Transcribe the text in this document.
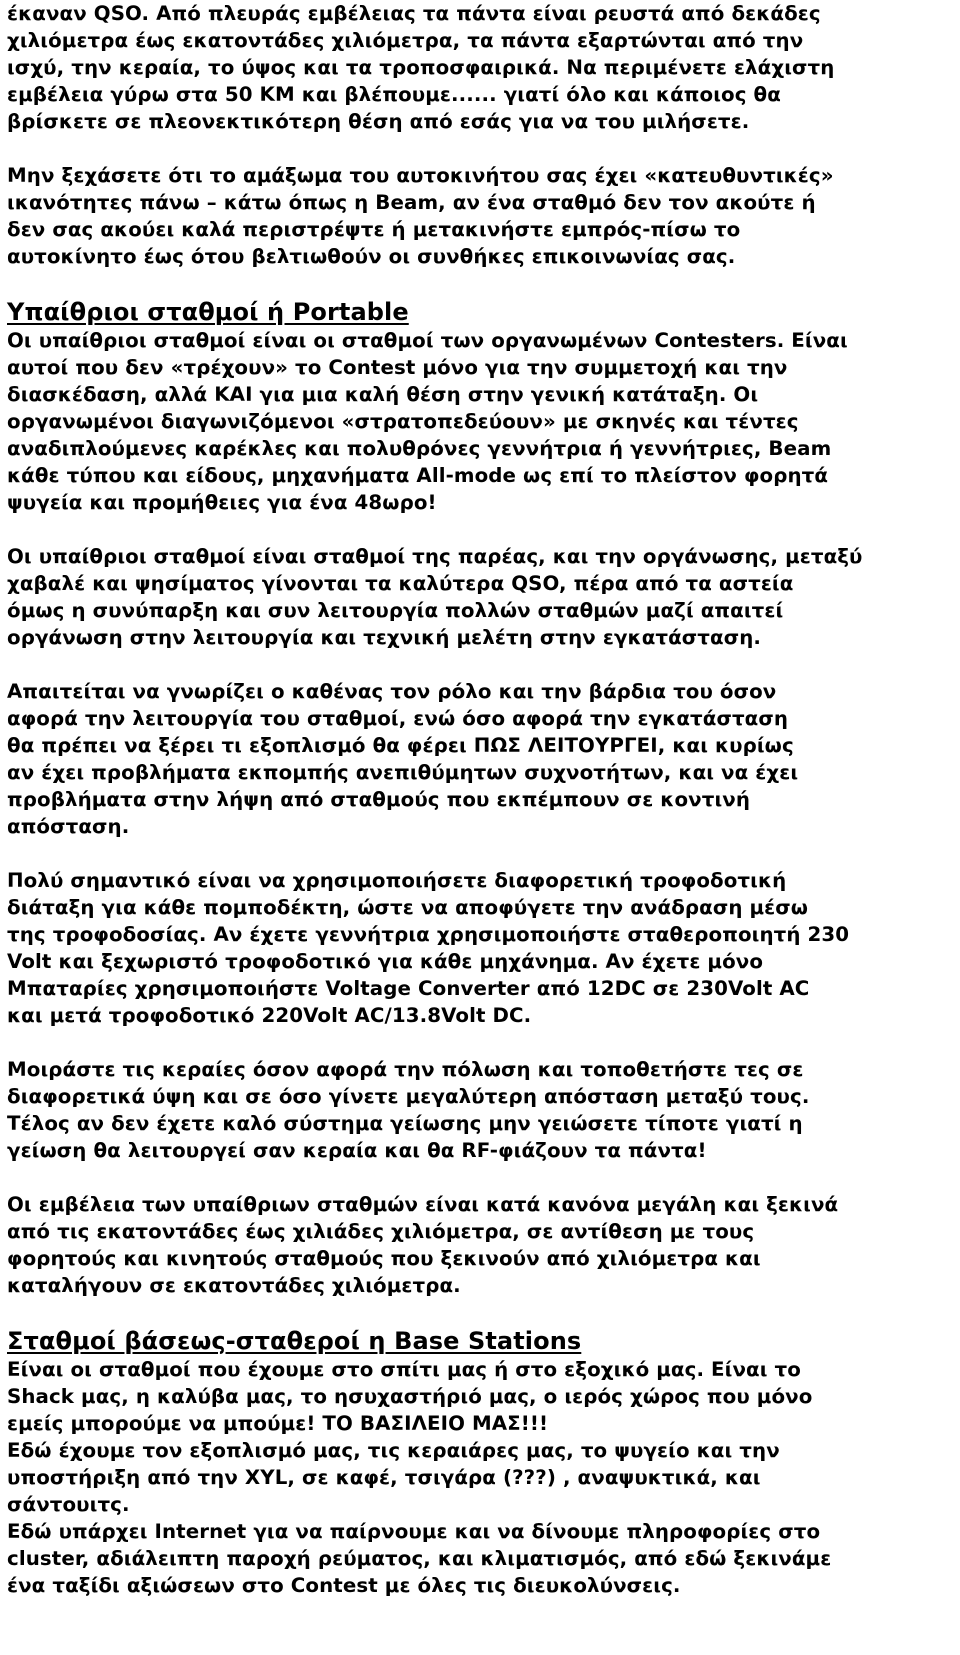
έκαναν QSO. Από πλευράς εμβέλειας τα πάντα είναι ρευστά από δεκάδες
χιλιόμετρα έως εκατοντάδες χιλιόμετρα, τα πάντα εξαρτώνται από την
ισχύ, την κεραία, το ύψος και τα τροποσφαιρικά. Να περιμένετε ελάχιστη
εμβέλεια γύρω στα 50 ΚΜ και βλέπουμε...... γιατί όλο και κάποιος θα
βρίσκετε σε πλεονεκτικότερη θέση από εσάς για να του μιλήσετε.

Μην ξεχάσετε ότι το αμάξωμα του αυτοκινήτου σας έχει «κατευθυντικές»
ικανότητες πάνω – κάτω όπως η Beam, αν ένα σταθμό δεν τον ακούτε ή
δεν σας ακούει καλά περιστρέψτε ή μετακινήστε εμπρός-πίσω το
αυτοκίνητο έως ότου βελτιωθούν οι συνθήκες επικοινωνίας σας.

Υπαίθριοι σταθμοί ή Portable

Οι υπαίθριοι σταθμοί είναι οι σταθμοί των οργανωμένων Contesters. Είναι
αυτοί που δεν «τρέχουν» το Contest μόνο για την συμμετοχή και την
διασκέδαση, αλλά ΚΑΙ για μια καλή θέση στην γενική κατάταξη. Οι
οργανωμένοι διαγωνιζόμενοι «στρατοπεδεύουν» με σκηνές και τέντες
αναδιπλούμενες καρέκλες και πολυθρόνες γεννήτρια ή γεννήτριες, Beam
κάθε τύπου και είδους, μηχανήματα All-mode ως επί το πλείστον φορητά
ψυγεία και προμήθειες για ένα 48ωρο!

Οι υπαίθριοι σταθμοί είναι σταθμοί της παρέας, και την οργάνωσης, μεταξύ
χαβαλέ και ψησίματος γίνονται τα καλύτερα QSO, πέρα από τα αστεία
όμως η συνύπαρξη και συν λειτουργία πολλών σταθμών μαζί απαιτεί
οργάνωση στην λειτουργία και τεχνική μελέτη στην εγκατάσταση.

Απαιτείται να γνωρίζει ο καθένας τον ρόλο και την βάρδια του όσον
αφορά την λειτουργία του σταθμοί, ενώ όσο αφορά την εγκατάσταση
θα πρέπει να ξέρει τι εξοπλισμό θα φέρει ΠΩΣ ΛΕΙΤΟΥΡΓΕΙ, και κυρίως
αν έχει προβλήματα εκπομπής ανεπιθύμητων συχνοτήτων, και να έχει
προβλήματα στην λήψη από σταθμούς που εκπέμπουν σε κοντινή
απόσταση.

Πολύ σημαντικό είναι να χρησιμοποιήσετε διαφορετική τροφοδοτική
διάταξη για κάθε πομποδέκτη, ώστε να αποφύγετε την ανάδραση μέσω
της τροφοδοσίας. Αν έχετε γεννήτρια χρησιμοποιήστε σταθεροποιητή 230
Volt και ξεχωριστό τροφοδοτικό για κάθε μηχάνημα. Αν έχετε μόνο
Μπαταρίες χρησιμοποιήστε Voltage Converter από 12DC σε 230Volt AC
και μετά τροφοδοτικό 220Volt AC/13.8Volt DC.

Μοιράστε τις κεραίες όσον αφορά την πόλωση και τοποθετήστε τες σε
διαφορετικά ύψη και σε όσο γίνετε μεγαλύτερη απόσταση μεταξύ τους.
Τέλος αν δεν έχετε καλό σύστημα γείωσης μην γειώσετε τίποτε γιατί η
γείωση θα λειτουργεί σαν κεραία και θα RF-φιάζουν τα πάντα!

Οι εμβέλεια των υπαίθριων σταθμών είναι κατά κανόνα μεγάλη και ξεκινά
από τις εκατοντάδες έως χιλιάδες χιλιόμετρα, σε αντίθεση με τους
φορητούς και κινητούς σταθμούς που ξεκινούν από χιλιόμετρα και
καταλήγουν σε εκατοντάδες χιλιόμετρα.

Σταθμοί βάσεως-σταθεροί η Base Stations

Είναι οι σταθμοί που έχουμε στο σπίτι μας ή στο εξοχικό μας. Είναι το
Shack μας, η καλύβα μας, το ησυχαστήριό μας, ο ιερός χώρος που μόνο
εμείς μπορούμε να μπούμε! ΤΟ ΒΑΣΙΛΕΙΟ ΜΑΣ!!!
Εδώ έχουμε τον εξοπλισμό μας, τις κεραιάρες μας, το ψυγείο και την
υποστήριξη από την XYL, σε καφέ, τσιγάρα (???) , αναψυκτικά, και
σάντουιτς.
Εδώ υπάρχει Internet για να παίρνουμε και να δίνουμε πληροφορίες στο
cluster, αδιάλειπτη παροχή ρεύματος, και κλιματισμός, από εδώ ξεκινάμε
ένα ταξίδι αξιώσεων στο Contest με όλες τις διευκολύνσεις.
